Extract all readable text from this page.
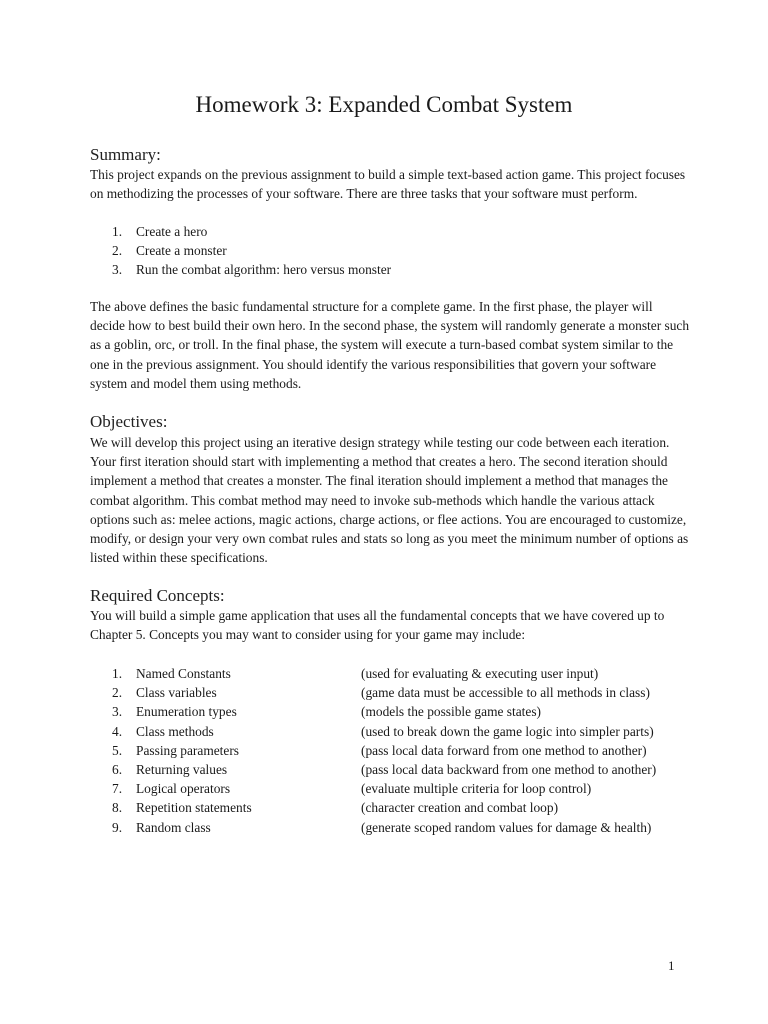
Homework 3: Expanded Combat System
Summary:

This project expands on the previous assignment to build a simple text-based action game. This project focuses on methodizing the processes of your software. There are three tasks that your software must perform.

1. Create a hero
2. Create a monster
3. Run the combat algorithm: hero versus monster

The above defines the basic fundamental structure for a complete game. In the first phase, the player will decide how to best build their own hero. In the second phase, the system will randomly generate a monster such as a goblin, orc, or troll. In the final phase, the system will execute a turn-based combat system similar to the one in the previous assignment. You should identify the various responsibilities that govern your software system and model them using methods.

Objectives:

We will develop this project using an iterative design strategy while testing our code between each iteration. Your first iteration should start with implementing a method that creates a hero. The second iteration should implement a method that creates a monster. The final iteration should implement a method that manages the combat algorithm. This combat method may need to invoke sub-methods which handle the various attack options such as: melee actions, magic actions, charge actions, or flee actions. You are encouraged to customize, modify, or design your very own combat rules and stats so long as you meet the minimum number of options as listed within these specifications.

Required Concepts:

You will build a simple game application that uses all the fundamental concepts that we have covered up to Chapter 5. Concepts you may want to consider using for your game may include:

1. Named Constants	(used for evaluating & executing user input)
2. Class variables	(game data must be accessible to all methods in class)
3. Enumeration types	(models the possible game states)
4. Class methods	(used to break down the game logic into simpler parts)
5. Passing parameters	(pass local data forward from one method to another)
6. Returning values	(pass local data backward from one method to another)
7. Logical operators	(evaluate multiple criteria for loop control)
8. Repetition statements	(character creation and combat loop)
9. Random class	(generate scoped random values for damage & health)
1
